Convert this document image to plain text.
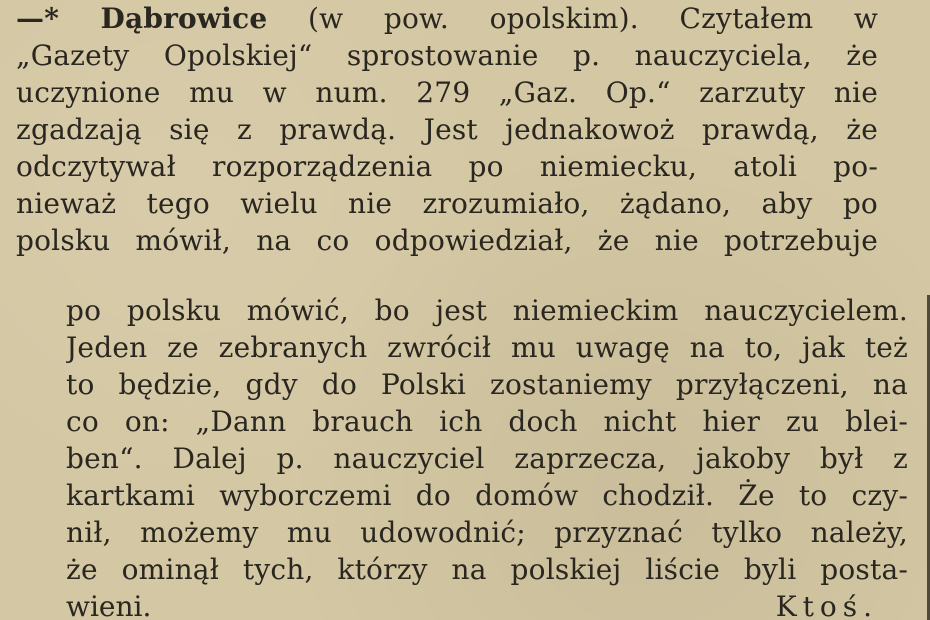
—* Dąbrowice (w pow. opolskim). Czytałem w
„Gazety Opolskiej“ sprostowanie p. nauczyciela, że
uczynione mu w num. 279 „Gaz. Op.“ zarzuty nie
zgadzają się z prawdą. Jest jednakowoż prawdą, że
odczytywał rozporządzenia po niemiecku, atoli po-
nieważ tego wielu nie zrozumiało, żądano, aby po
polsku mówił, na co odpowiedział, że nie potrzebuje
po polsku mówić, bo jest niemieckim nauczycielem.
Jeden ze zebranych zwrócił mu uwagę na to, jak też
to będzie, gdy do Polski zostaniemy przyłączeni, na
co on: „Dann brauch ich doch nicht hier zu blei-
ben“. Dalej p. nauczyciel zaprzecza, jakoby był z
kartkami wyborczemi do domów chodził. Że to czy-
nił, możemy mu udowodnić; przyznać tylko należy,
że ominął tych, którzy na polskiej liście byli posta-
wieni.	Ktoś.
